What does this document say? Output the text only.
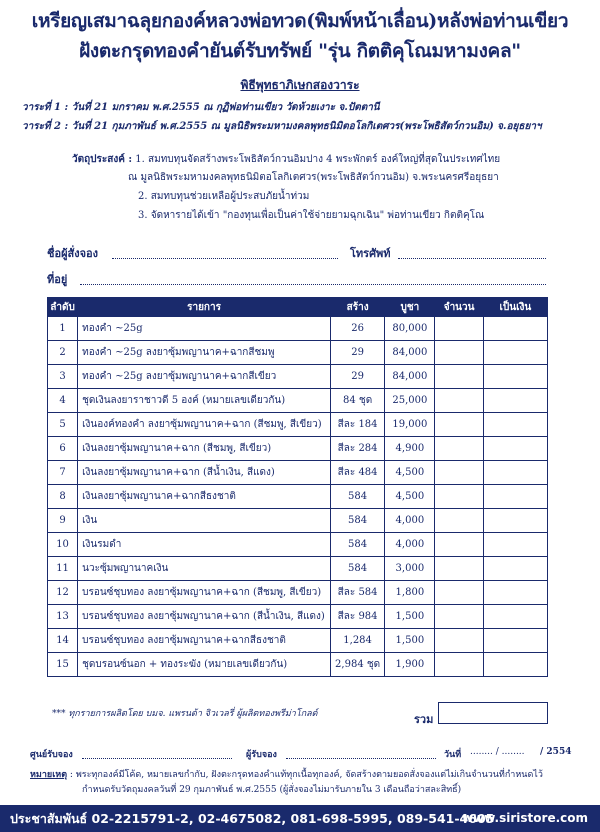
เหรียญเสมาฉลุยกองค์หลวงพ่อทวด(พิมพ์หน้าเลื่อน)หลังพ่อท่านเขียว
ฝังตะกรุดทองคำยันต์รับทรัพย์ "รุ่น กิตติคุโณมหามงคล"
พิธีพุทธาภิเษกสองวาระ
วาระที่ 1 : วันที่ 21 มกราคม พ.ศ.2555 ณ กุฏิพ่อท่านเขียว วัดห้วยเงาะ จ.ปัตตานี
วาระที่ 2 : วันที่ 21 กุมภาพันธ์ พ.ศ.2555 ณ มูลนิธิพระมหามงคลพุทธนิมิตอโลกิเตศวร(พระโพธิสัตว์กวนอิม) จ.อยุธยาฯ
วัตถุประสงค์ : 1. สมทบทุนจัดสร้างพระโพธิสัตว์กวนอิมปาง 4 พระพักตร์ องค์ใหญ่ที่สุดในประเทศไทย
ณ มูลนิธิพระมหามงคลพุทธนิมิตอโลกิเตศวร(พระโพธิสัตว์กวนอิม) จ.พระนครศรีอยุธยา
2. สมทบทุนช่วยเหลือผู้ประสบภัยน้ำท่วม
3. จัดหารายได้เข้า "กองทุนเพื่อเป็นค่าใช้จ่ายยามฉุกเฉิน" พ่อท่านเขียว กิตติคุโณ
ชื่อผู้สั่งจอง	โทรศัพท์
ที่อยู่
ลำดับ	รายการ	สร้าง	บูชา	จำนวน	เป็นเงิน
1	ทองคำ ~25g	26	80,000		
2	ทองคำ ~25g ลงยาซุ้มพญานาค+ฉากสีชมพู	29	84,000		
3	ทองคำ ~25g ลงยาซุ้มพญานาค+ฉากสีเขียว	29	84,000		
4	ชุดเงินลงยาราชาวดี 5 องค์ (หมายเลขเดียวกัน)	84 ชุด	25,000		
5	เงินองค์ทองคำ ลงยาซุ้มพญานาค+ฉาก (สีชมพู, สีเขียว)	สีละ 184	19,000		
6	เงินลงยาซุ้มพญานาค+ฉาก (สีชมพู, สีเขียว)	สีละ 284	4,900		
7	เงินลงยาซุ้มพญานาค+ฉาก (สีน้ำเงิน, สีแดง)	สีละ 484	4,500		
8	เงินลงยาซุ้มพญานาค+ฉากสีธงชาติ	584	4,500		
9	เงิน	584	4,000		
10	เงินรมดำ	584	4,000		
11	นวะซุ้มพญานาคเงิน	584	3,000		
12	บรอนซ์ชุบทอง ลงยาซุ้มพญานาค+ฉาก (สีชมพู, สีเขียว)	สีละ 584	1,800		
13	บรอนซ์ชุบทอง ลงยาซุ้มพญานาค+ฉาก (สีน้ำเงิน, สีแดง)	สีละ 984	1,500		
14	บรอนซ์ชุบทอง ลงยาซุ้มพญานาค+ฉากสีธงชาติ	1,284	1,500		
15	ชุดบรอนซ์นอก + ทองระฆัง (หมายเลขเดียวกัน)	2,984 ชุด	1,900		
*** ทุกรายการผลิตโดย บมจ. แพรนด้า จิวเวลรี่ ผู้ผลิตทองพรีม่าโกลด์	รวม
ศูนย์รับจอง	ผู้รับจอง	วันที่ ........ / ........ / 2554
หมายเหตุ : พระทุกองค์มีโค้ด, หมายเลขกำกับ, ฝังตะกรุดทองคำแท้ทุกเนื้อทุกองค์, จัดสร้างตามยอดสั่งจองแต่ไม่เกินจำนวนที่กำหนดไว้
กำหนดรับวัตถุมงคลวันที่ 29 กุมภาพันธ์ พ.ศ.2555 (ผู้สั่งจองไม่มารับภายใน 3 เดือนถือว่าสละสิทธิ์)
ประชาสัมพันธ์ 02-2215791-2, 02-4675082, 081-698-5995, 089-541-4605
www.siristore.com
